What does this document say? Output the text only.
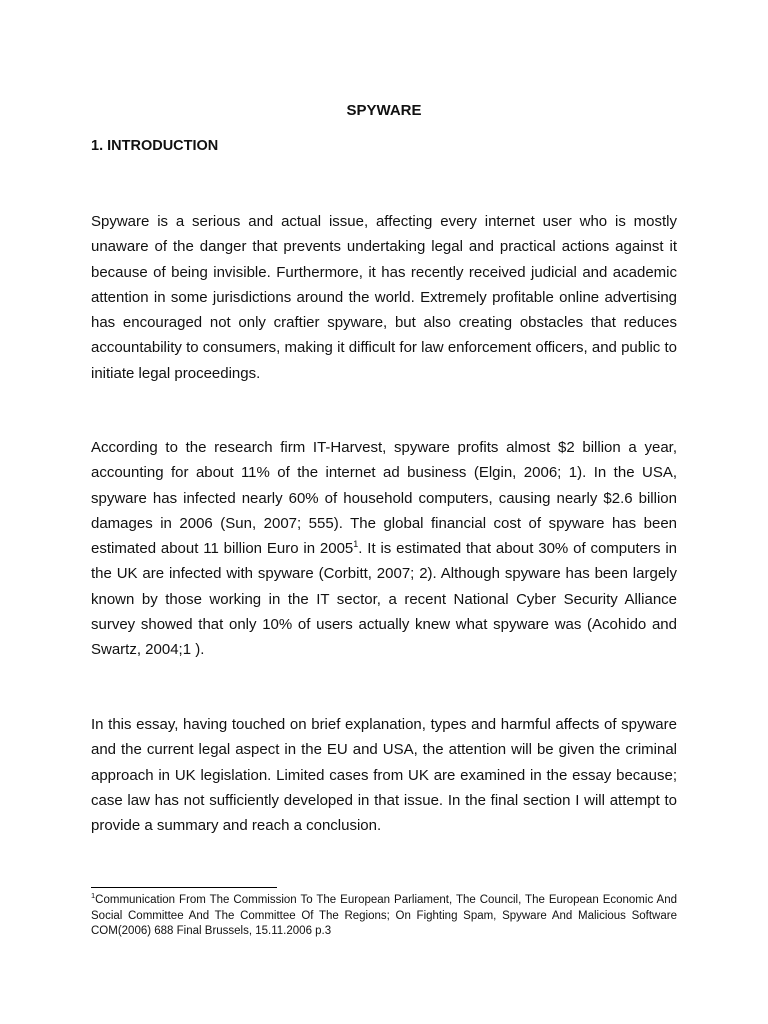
SPYWARE
1. INTRODUCTION

Spyware is a serious and actual issue, affecting every internet user who is mostly unaware of the danger that prevents undertaking legal and practical actions against it because of being invisible. Furthermore, it has recently received judicial and academic attention in some jurisdictions around the world. Extremely profitable online advertising has encouraged not only craftier spyware, but also creating obstacles that reduces accountability to consumers, making it difficult for law enforcement officers, and public to initiate legal proceedings.

According to the research firm IT-Harvest, spyware profits almost $2 billion a year, accounting for about 11% of the internet ad business (Elgin, 2006; 1). In the USA, spyware has infected nearly 60% of household computers, causing nearly $2.6 billion damages in 2006 (Sun, 2007; 555). The global financial cost of spyware has been estimated about 11 billion Euro in 2005$^1$. It is estimated that about 30% of computers in the UK are infected with spyware (Corbitt, 2007; 2). Although spyware has been largely known by those working in the IT sector, a recent National Cyber Security Alliance survey showed that only 10% of users actually knew what spyware was (Acohido and Swartz, 2004;1 ).

In this essay, having touched on brief explanation, types and harmful affects of spyware and the current legal aspect in the EU and USA, the attention will be given the criminal approach in UK legislation. Limited cases from UK are examined in the essay because; case law has not sufficiently developed in that issue. In the final section I will attempt to provide a summary and reach a conclusion.

$^1$Communication From The Commission To The European Parliament, The Council, The European Economic And Social Committee And The Committee Of The Regions; On Fighting Spam, Spyware And Malicious Software COM(2006) 688 Final Brussels, 15.11.2006 p.3
